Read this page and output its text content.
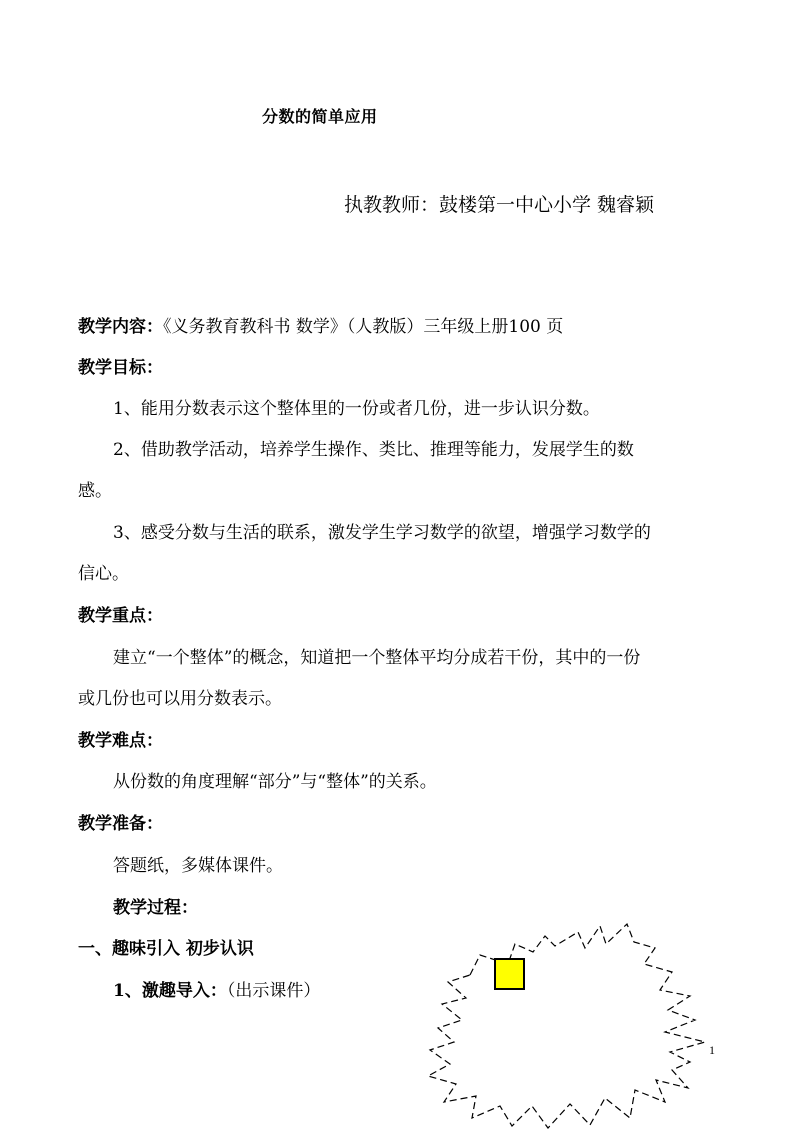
分数的简单应用
执教教师：鼓楼第一中心小学 魏睿颖
教学内容：《义务教育教科书 数学》（人教版）三年级上册100 页
教学目标：
1、能用分数表示这个整体里的一份或者几份，进一步认识分数。
2、借助教学活动，培养学生操作、类比、推理等能力，发展学生的数
感。
3、感受分数与生活的联系，激发学生学习数学的欲望，增强学习数学的
信心。
教学重点：
建立“一个整体”的概念，知道把一个整体平均分成若干份，其中的一份
或几份也可以用分数表示。
教学难点：
从份数的角度理解“部分”与“整体”的关系。
教学准备：
答题纸，多媒体课件。
教学过程：
一、趣味引入 初步认识
1、激趣导入：（出示课件）
1
